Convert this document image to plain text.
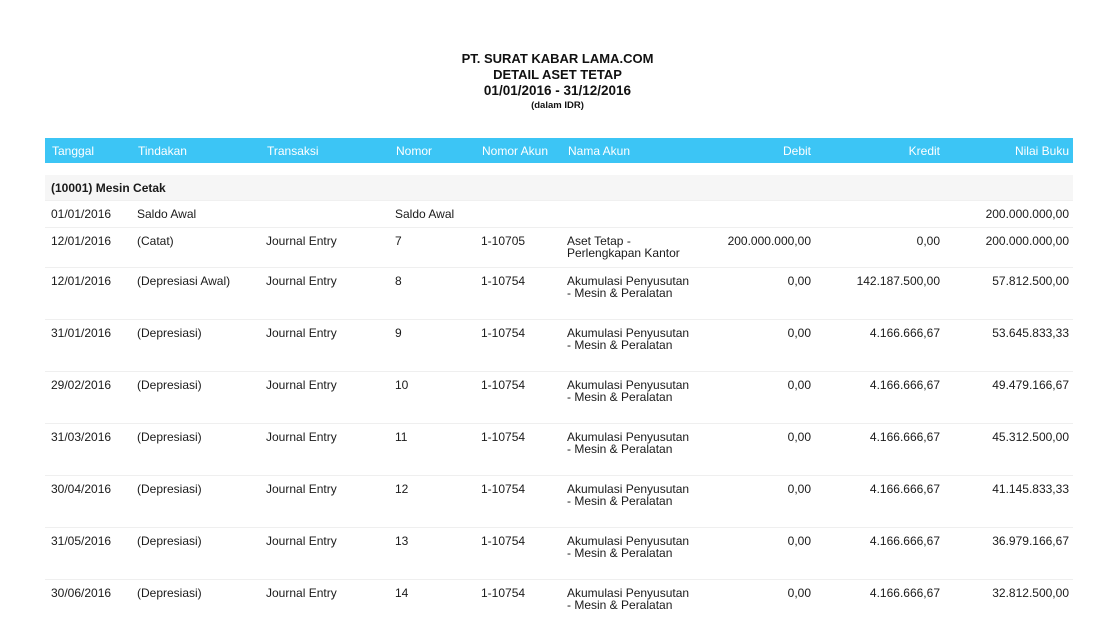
PT. SURAT KABAR LAMA.COM
DETAIL ASET TETAP
01/01/2016 - 31/12/2016
(dalam IDR)
Tanggal	Tindakan	Transaksi	Nomor	Nomor Akun	Nama Akun	Debit	Kredit	Nilai Buku

(10001) Mesin Cetak								
01/01/2016	Saldo Awal		Saldo Awal					200.000.000,00
12/01/2016	(Catat)	Journal Entry	7	1-10705	Aset Tetap - Perlengkapan Kantor	200.000.000,00	0,00	200.000.000,00
12/01/2016	(Depresiasi Awal)	Journal Entry	8	1-10754	Akumulasi Penyusutan - Mesin & Peralatan	0,00	142.187.500,00	57.812.500,00
31/01/2016	(Depresiasi)	Journal Entry	9	1-10754	Akumulasi Penyusutan - Mesin & Peralatan	0,00	4.166.666,67	53.645.833,33
29/02/2016	(Depresiasi)	Journal Entry	10	1-10754	Akumulasi Penyusutan - Mesin & Peralatan	0,00	4.166.666,67	49.479.166,67
31/03/2016	(Depresiasi)	Journal Entry	11	1-10754	Akumulasi Penyusutan - Mesin & Peralatan	0,00	4.166.666,67	45.312.500,00
30/04/2016	(Depresiasi)	Journal Entry	12	1-10754	Akumulasi Penyusutan - Mesin & Peralatan	0,00	4.166.666,67	41.145.833,33
31/05/2016	(Depresiasi)	Journal Entry	13	1-10754	Akumulasi Penyusutan - Mesin & Peralatan	0,00	4.166.666,67	36.979.166,67
30/06/2016	(Depresiasi)	Journal Entry	14	1-10754	Akumulasi Penyusutan - Mesin & Peralatan	0,00	4.166.666,67	32.812.500,00
